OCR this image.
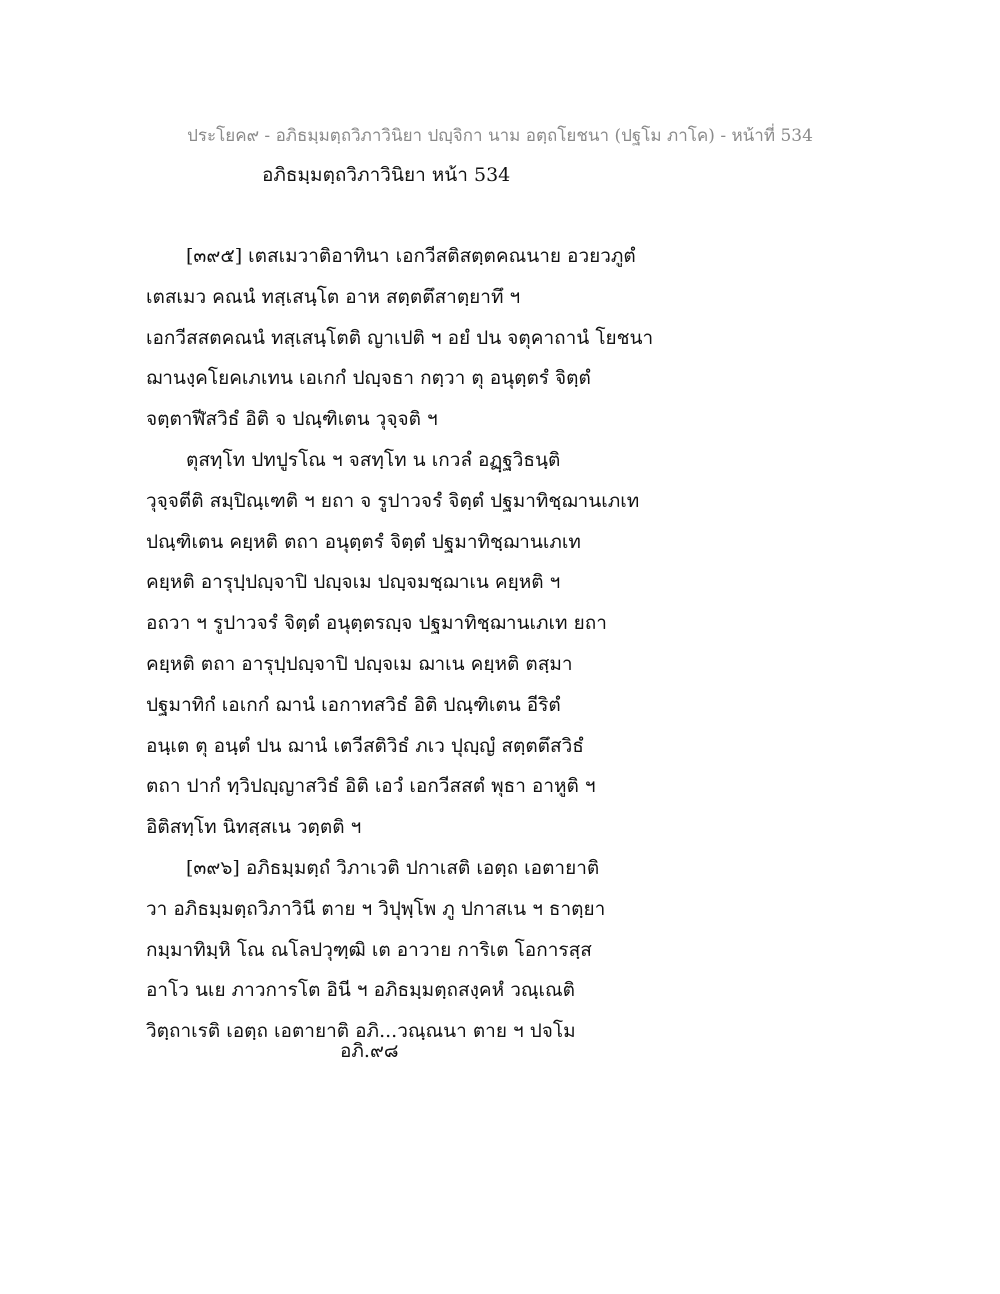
ประโยค๙ - อภิธมฺมตฺถวิภาวินิยา ปญฺจิกา นาม อตฺถโยชนา (ปฐโม ภาโค) - หน้าที่ 534
อภิธมฺมตฺถวิภาวินิยา หน้า 534
[๓๙๕] เตสเมวาติอาทินา เอกวีสติสตฺตคณนาย อวยวภูตํ
เตสเมว คณนํ ทสฺเสนฺโต อาห สตฺตตึสาตฺยาทึ ฯ
เอกวีสสตคณนํ ทสฺเสนฺโตติ ญาเปติ ฯ อยํ ปน จตุคาถานํ โยชนา
ฌานงฺคโยคเภเทน เอเกกํ ปญฺจธา กตฺวา ตุ อนุตฺตรํ จิตฺตํ
จตฺตาฬีสวิธํ อิติ จ ปณฺฑิเตน วุจฺจติ ฯ
ตุสทฺโท ปทปูรโณ ฯ จสทฺโท น เกวลํ อฏฺฐวิธนฺติ
วุจฺจตีติ สมฺปิณฺเฑติ ฯ ยถา จ รูปาวจรํ จิตฺตํ ปฐมาทิชฺฌานเภเท
ปณฺฑิเตน คยฺหติ ตถา อนุตฺตรํ จิตฺตํ ปฐมาทิชฺฌานเภเท
คยฺหติ อารุปฺปญฺจาปิ ปญฺจเม ปญฺจมชฺฌาเน คยฺหติ ฯ
อถวา ฯ รูปาวจรํ จิตฺตํ อนุตฺตรญฺจ ปฐมาทิชฺฌานเภเท ยถา
คยฺหติ ตถา อารุปฺปญฺจาปิ ปญฺจเม ฌาเน คยฺหติ ตสฺมา
ปฐมาทิกํ เอเกกํ ฌานํ เอกาทสวิธํ อิติ ปณฺฑิเตน อีริตํ
อนฺเต ตุ อนฺตํ ปน ฌานํ เตวีสติวิธํ ภเว ปุญฺญํ สตฺตตึสวิธํ
ตถา ปากํ ทฺวิปญฺญาสวิธํ อิติ เอวํ เอกวีสสตํ พุธา อาหูติ ฯ
อิติสทฺโท นิทสฺสเน วตฺตติ ฯ
[๓๙๖] อภิธมฺมตฺถํ วิภาเวติ ปกาเสติ เอตฺถ เอตายาติ
วา อภิธมฺมตฺถวิภาวินี ตาย ฯ วิปุพฺโพ ภู ปกาสเน ฯ ธาตฺยา
กมฺมาทิมฺหิ โณ ณโลปวุฑฺฒิ เต อาวาย การิเต โอการสฺส
อาโว นเย ภาวการโต อินี ฯ อภิธมฺมตฺถสงฺคหํ วณฺเณติ
วิตฺถาเรติ เอตฺถ เอตายาติ อภิ...วณฺณนา ตาย ฯ ปจโม
อภิ.๙๘
